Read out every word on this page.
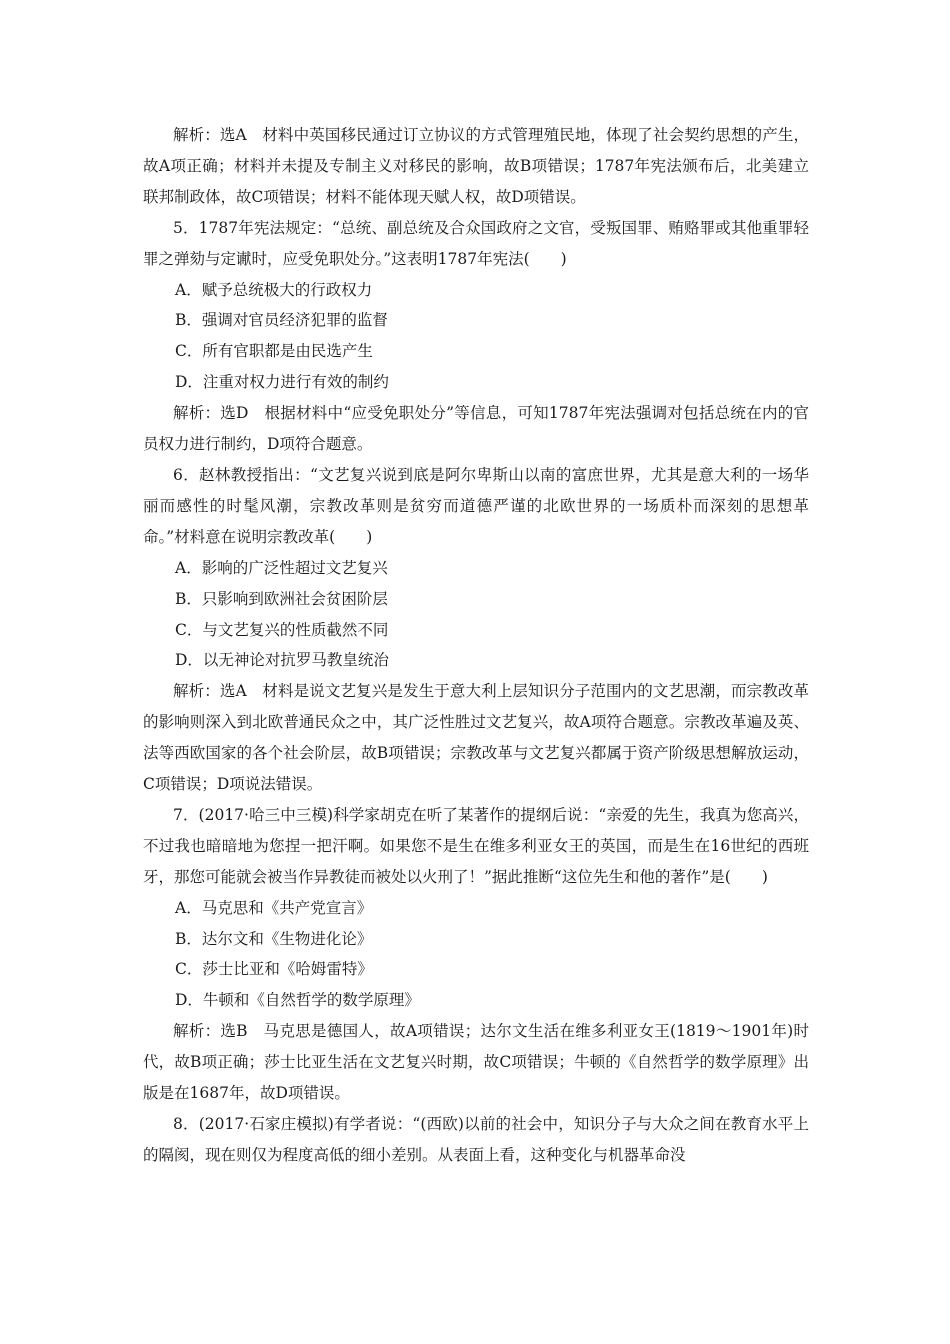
解析：选A　材料中英国移民通过订立协议的方式管理殖民地，体现了社会契约思想的产生，故A项正确；材料并未提及专制主义对移民的影响，故B项错误；1787年宪法颁布后，北美建立联邦制政体，故C项错误；材料不能体现天赋人权，故D项错误。

5．1787年宪法规定：“总统、副总统及合众国政府之文官，受叛国罪、贿赂罪或其他重罪轻罪之弹劾与定谳时，应受免职处分。”这表明1787年宪法(　　)

A．赋予总统极大的行政权力

B．强调对官员经济犯罪的监督

C．所有官职都是由民选产生

D．注重对权力进行有效的制约

解析：选D　根据材料中“应受免职处分”等信息，可知1787年宪法强调对包括总统在内的官员权力进行制约，D项符合题意。

6．赵林教授指出：“文艺复兴说到底是阿尔卑斯山以南的富庶世界，尤其是意大利的一场华丽而感性的时髦风潮，宗教改革则是贫穷而道德严谨的北欧世界的一场质朴而深刻的思想革命。”材料意在说明宗教改革(　　)

A．影响的广泛性超过文艺复兴

B．只影响到欧洲社会贫困阶层

C．与文艺复兴的性质截然不同

D．以无神论对抗罗马教皇统治

解析：选A　材料是说文艺复兴是发生于意大利上层知识分子范围内的文艺思潮，而宗教改革的影响则深入到北欧普通民众之中，其广泛性胜过文艺复兴，故A项符合题意。宗教改革遍及英、法等西欧国家的各个社会阶层，故B项错误；宗教改革与文艺复兴都属于资产阶级思想解放运动，C项错误；D项说法错误。

7．(2017·哈三中三模)科学家胡克在听了某著作的提纲后说：“亲爱的先生，我真为您高兴，不过我也暗暗地为您捏一把汗啊。如果您不是生在维多利亚女王的英国，而是生在16世纪的西班牙，那您可能就会被当作异教徒而被处以火刑了！”据此推断“这位先生和他的著作”是(　　)

A．马克思和《共产党宣言》

B．达尔文和《生物进化论》

C．莎士比亚和《哈姆雷特》

D．牛顿和《自然哲学的数学原理》

解析：选B　马克思是德国人，故A项错误；达尔文生活在维多利亚女王(1819～1901年)时代，故B项正确；莎士比亚生活在文艺复兴时期，故C项错误；牛顿的《自然哲学的数学原理》出版是在1687年，故D项错误。

8．(2017·石家庄模拟)有学者说：“(西欧)以前的社会中，知识分子与大众之间在教育水平上的隔阂，现在则仅为程度高低的细小差别。从表面上看，这种变化与机器革命没
